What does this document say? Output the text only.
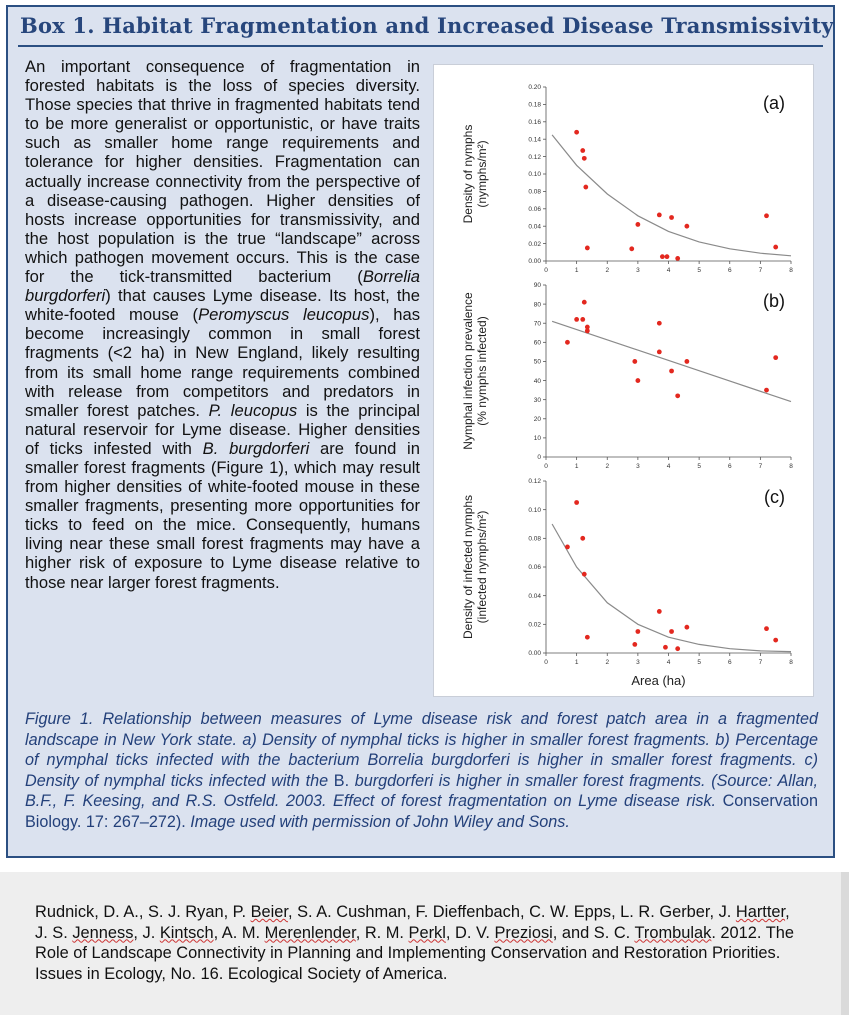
Box 1. Habitat Fragmentation and Increased Disease Transmissivity

An important consequence of fragmentation in forested habitats is the loss of species diversity. Those species that thrive in fragmented habitats tend to be more generalist or opportunistic, or have traits such as smaller home range requirements and tolerance for higher densities. Fragmentation can actually increase connectivity from the perspective of a disease-causing pathogen. Higher densities of hosts increase opportunities for transmissivity, and the host population is the true “landscape” across which pathogen movement occurs. This is the case for the tick-transmitted bacterium (Borrelia burgdorferi) that causes Lyme disease. Its host, the white-footed mouse (Peromyscus leucopus), has become increasingly common in small forest fragments (<2 ha) in New England, likely resulting from its small home range requirements combined with release from competitors and predators in smaller forest patches. P. leucopus is the principal natural reservoir for Lyme disease. Higher densities of ticks infested with B. burgdorferi are found in smaller forest fragments (Figure 1), which may result from higher densities of white-footed mouse in these smaller fragments, presenting more opportunities for ticks to feed on the mice. Consequently, humans living near these small forest fragments may have a higher risk of exposure to Lyme disease relative to those near larger forest fragments.

0.00
0.02
0.04
0.06
0.08
0.10
0.12
0.14
0.16
0.18
0.20
0	1	2	3	4	5	6	7	8
(a)
Density of nymphs (nymphs/m²)
0
10
20
30
40
50
60
70
80
90
0	1	2	3	4	5	6	7	8
(b)
Nymphal infection prevalence (% nymphs infected)
0.00
0.02
0.04
0.06
0.08
0.10
0.12
0	1	2	3	4	5	6	7	8
(c)
Density of infected nymphs (infected nymphs/m²)
Area (ha)
Figure 1. Relationship between measures of Lyme disease risk and forest patch area in a fragmented landscape in New York state. a) Density of nymphal ticks is higher in smaller forest fragments. b) Percentage of nymphal ticks infected with the bacterium Borrelia burgdorferi is higher in smaller forest fragments. c) Density of nymphal ticks infected with the B. burgdorferi is higher in smaller forest fragments. (Source: Allan, B.F., F. Keesing, and R.S. Ostfeld. 2003. Effect of forest fragmentation on Lyme disease risk. Conservation Biology. 17: 267–272). Image used with permission of John Wiley and Sons.
Rudnick, D. A., S. J. Ryan, P. Beier, S. A. Cushman, F. Dieffenbach, C. W. Epps, L. R. Gerber, J. Hartter, J. S. Jenness, J. Kintsch, A. M. Merenlender, R. M. Perkl, D. V. Preziosi, and S. C. Trombulak. 2012. The Role of Landscape Connectivity in Planning and Implementing Conservation and Restoration Priorities. Issues in Ecology, No. 16. Ecological Society of America.
